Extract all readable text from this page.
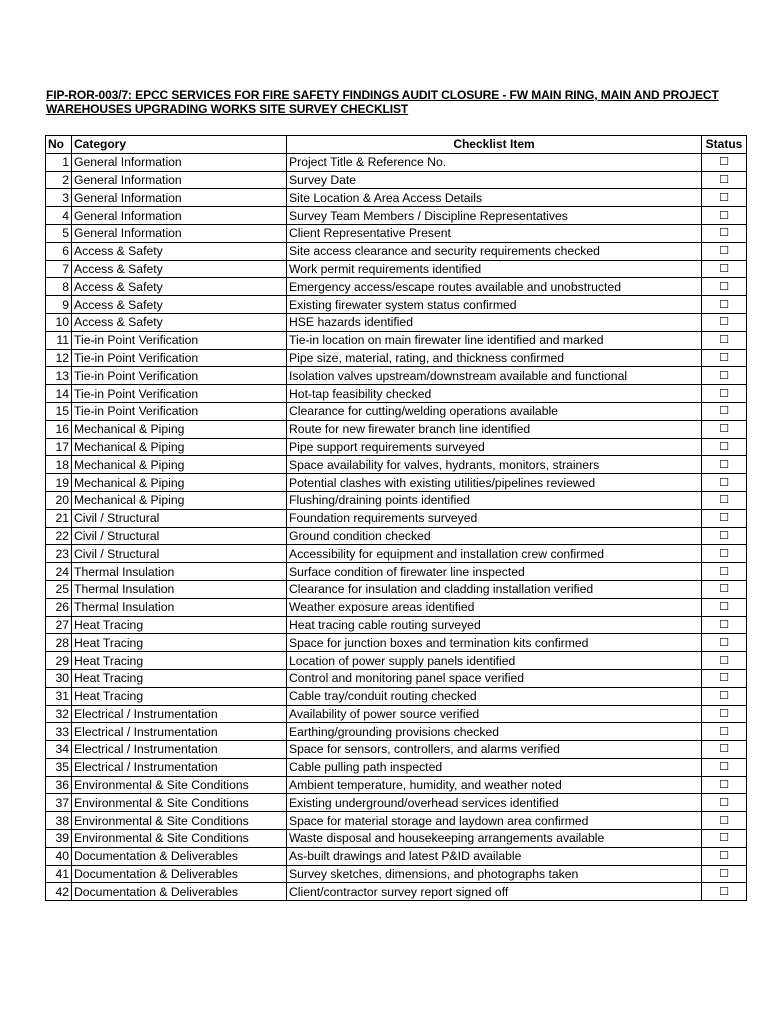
FIP-ROR-003/7: EPCC SERVICES FOR FIRE SAFETY FINDINGS AUDIT CLOSURE - FW MAIN RING, MAIN AND PROJECT WAREHOUSES UPGRADING WORKS SITE SURVEY CHECKLIST
No	Category	Checklist Item	Status
1	General Information	Project Title & Reference No.	☐
2	General Information	Survey Date	☐
3	General Information	Site Location & Area Access Details	☐
4	General Information	Survey Team Members / Discipline Representatives	☐
5	General Information	Client Representative Present	☐
6	Access & Safety	Site access clearance and security requirements checked	☐
7	Access & Safety	Work permit requirements identified	☐
8	Access & Safety	Emergency access/escape routes available and unobstructed	☐
9	Access & Safety	Existing firewater system status confirmed	☐
10	Access & Safety	HSE hazards identified	☐
11	Tie-in Point Verification	Tie-in location on main firewater line identified and marked	☐
12	Tie-in Point Verification	Pipe size, material, rating, and thickness confirmed	☐
13	Tie-in Point Verification	Isolation valves upstream/downstream available and functional	☐
14	Tie-in Point Verification	Hot-tap feasibility checked	☐
15	Tie-in Point Verification	Clearance for cutting/welding operations available	☐
16	Mechanical & Piping	Route for new firewater branch line identified	☐
17	Mechanical & Piping	Pipe support requirements surveyed	☐
18	Mechanical & Piping	Space availability for valves, hydrants, monitors, strainers	☐
19	Mechanical & Piping	Potential clashes with existing utilities/pipelines reviewed	☐
20	Mechanical & Piping	Flushing/draining points identified	☐
21	Civil / Structural	Foundation requirements surveyed	☐
22	Civil / Structural	Ground condition checked	☐
23	Civil / Structural	Accessibility for equipment and installation crew confirmed	☐
24	Thermal Insulation	Surface condition of firewater line inspected	☐
25	Thermal Insulation	Clearance for insulation and cladding installation verified	☐
26	Thermal Insulation	Weather exposure areas identified	☐
27	Heat Tracing	Heat tracing cable routing surveyed	☐
28	Heat Tracing	Space for junction boxes and termination kits confirmed	☐
29	Heat Tracing	Location of power supply panels identified	☐
30	Heat Tracing	Control and monitoring panel space verified	☐
31	Heat Tracing	Cable tray/conduit routing checked	☐
32	Electrical / Instrumentation	Availability of power source verified	☐
33	Electrical / Instrumentation	Earthing/grounding provisions checked	☐
34	Electrical / Instrumentation	Space for sensors, controllers, and alarms verified	☐
35	Electrical / Instrumentation	Cable pulling path inspected	☐
36	Environmental & Site Conditions	Ambient temperature, humidity, and weather noted	☐
37	Environmental & Site Conditions	Existing underground/overhead services identified	☐
38	Environmental & Site Conditions	Space for material storage and laydown area confirmed	☐
39	Environmental & Site Conditions	Waste disposal and housekeeping arrangements available	☐
40	Documentation & Deliverables	As-built drawings and latest P&ID available	☐
41	Documentation & Deliverables	Survey sketches, dimensions, and photographs taken	☐
42	Documentation & Deliverables	Client/contractor survey report signed off	☐
